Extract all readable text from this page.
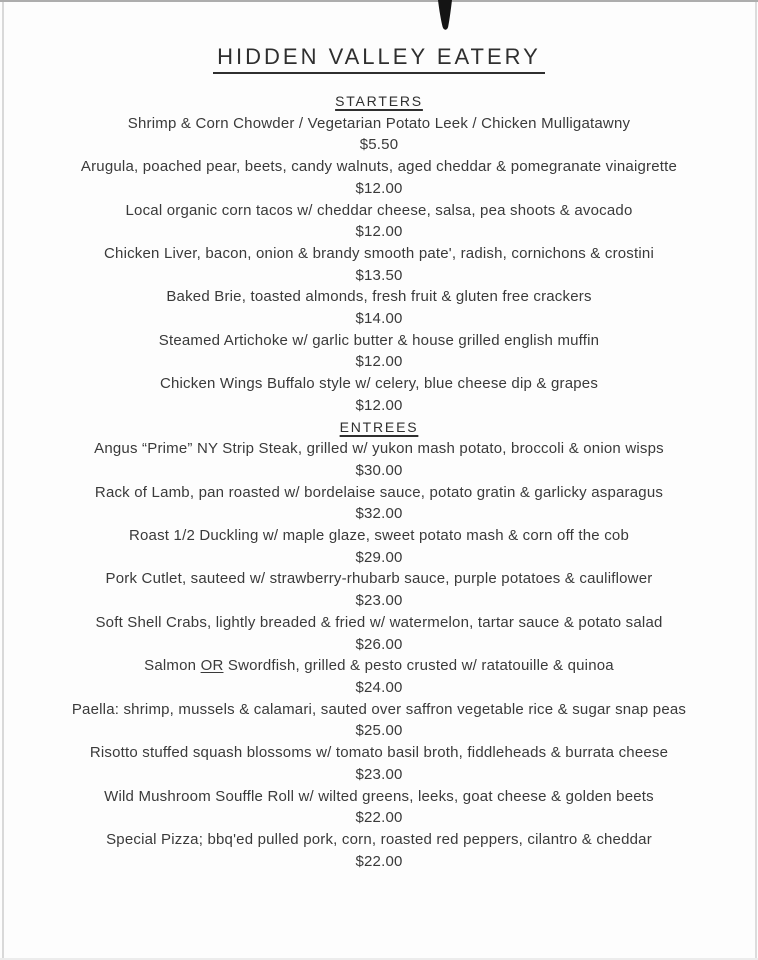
HIDDEN VALLEY EATERY
STARTERS
Shrimp & Corn Chowder / Vegetarian Potato Leek / Chicken Mulligatawny
$5.50
Arugula, poached pear, beets, candy walnuts, aged cheddar & pomegranate vinaigrette
$12.00
Local organic corn tacos w/ cheddar cheese, salsa, pea shoots & avocado
$12.00
Chicken Liver, bacon, onion & brandy smooth pate', radish, cornichons & crostini
$13.50
Baked Brie, toasted almonds, fresh fruit & gluten free crackers
$14.00
Steamed Artichoke w/ garlic butter & house grilled english muffin
$12.00
Chicken Wings Buffalo style w/ celery, blue cheese dip & grapes
$12.00
ENTREES
Angus “Prime” NY Strip Steak, grilled w/ yukon mash potato, broccoli & onion wisps
$30.00
Rack of Lamb, pan roasted w/ bordelaise sauce, potato gratin & garlicky asparagus
$32.00
Roast 1/2 Duckling w/ maple glaze, sweet potato mash & corn off the cob
$29.00
Pork Cutlet, sauteed w/ strawberry-rhubarb sauce, purple potatoes & cauliflower
$23.00
Soft Shell Crabs, lightly breaded & fried w/ watermelon, tartar sauce & potato salad
$26.00
Salmon OR Swordfish, grilled & pesto crusted w/ ratatouille & quinoa
$24.00
Paella: shrimp, mussels & calamari, sauted over saffron vegetable rice & sugar snap peas
$25.00
Risotto stuffed squash blossoms w/ tomato basil broth, fiddleheads & burrata cheese
$23.00
Wild Mushroom Souffle Roll w/ wilted greens, leeks, goat cheese & golden beets
$22.00
Special Pizza; bbq'ed pulled pork, corn, roasted red peppers, cilantro & cheddar
$22.00
